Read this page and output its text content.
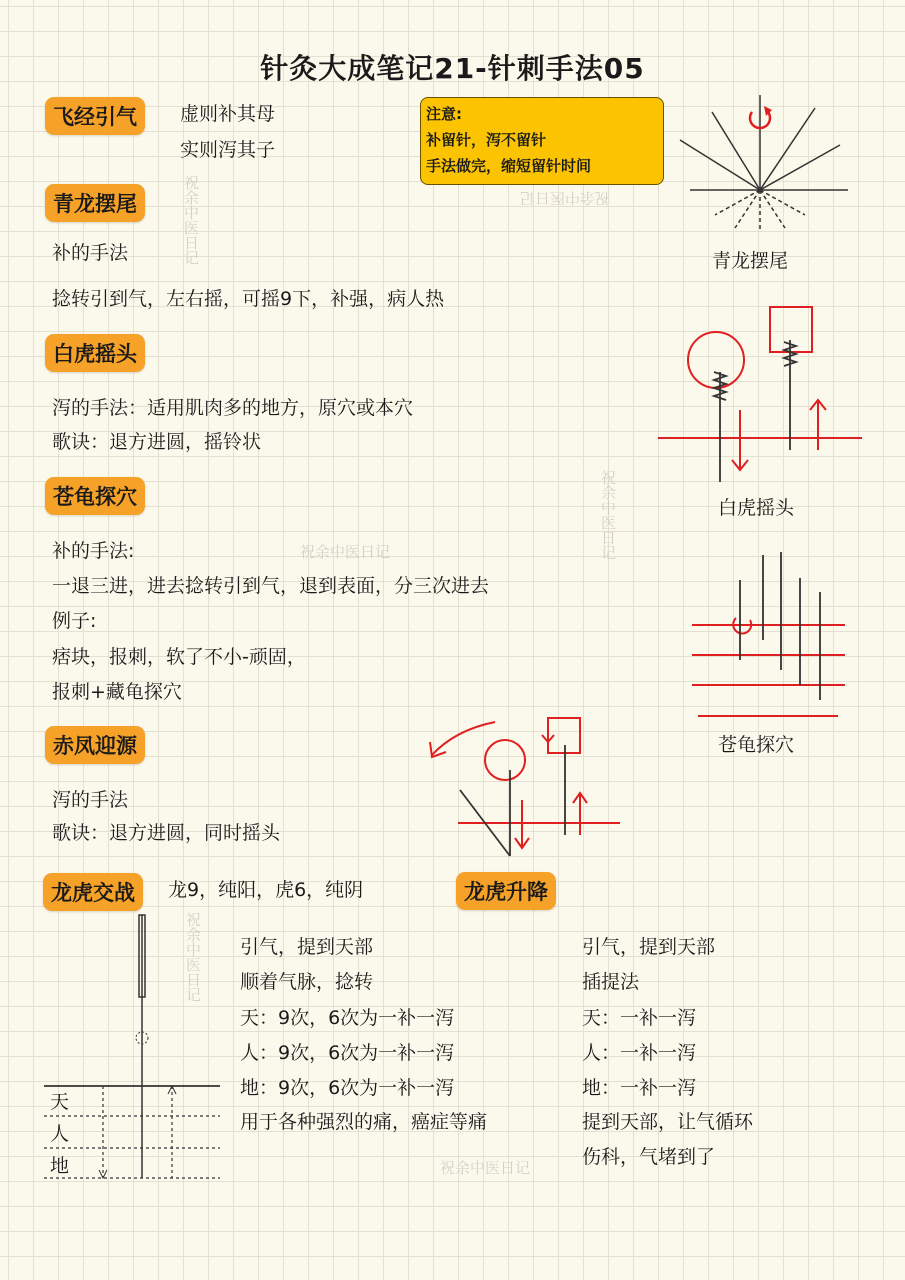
针灸大成笔记21-针刺手法05
祝余中医日记	祝余中医日记
祝余中医日记
祝余中医日记
祝余中医日记
祝余中医日记
注意:
补留针，泻不留针
手法做完，缩短留针时间
飞经引气	虚则补其母
实则泻其子
青龙摆尾
补的手法
捻转引到气，左右摇，可摇9下，补强，病人热
青龙摆尾
白虎摇头
泻的手法：适用肌肉多的地方，原穴或本穴
歌诀：退方进圆，摇铃状
白虎摇头
苍龟探穴
补的手法:
一退三进，进去捻转引到气，退到表面，分三次进去
例子:
痞块，报刺，软了不小-顽固，
报刺+藏龟探穴
苍龟探穴
赤凤迎源
泻的手法
歌诀：退方进圆，同时摇头
龙虎交战	龙9，纯阳，虎6，纯阴	龙虎升降
引气，提到天部
顺着气脉，捻转
天：9次，6次为一补一泻
人：9次，6次为一补一泻
地：9次，6次为一补一泻
用于各种强烈的痛，癌症等痛
引气，提到天部
插提法
天：一补一泻
人：一补一泻
地：一补一泻
提到天部，让气循环
伤科，气堵到了
天
人
地
